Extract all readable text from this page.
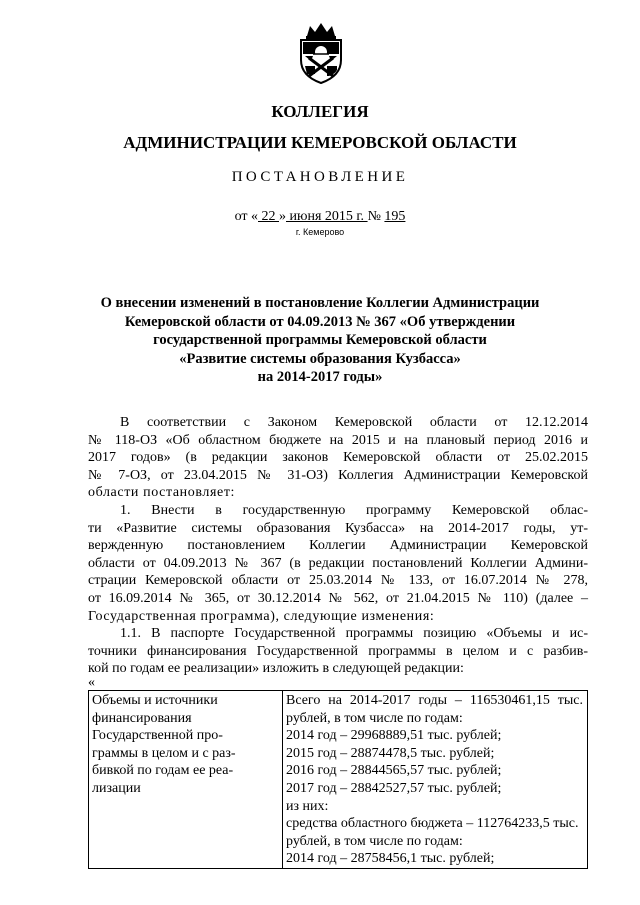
КОЛЛЕГИЯ
АДМИНИСТРАЦИИ КЕМЕРОВСКОЙ ОБЛАСТИ
ПОСТАНОВЛЕНИЕ
от « 22 » июня 2015 г. № 195
г. Кемерово
О внесении изменений в постановление Коллегии Администрации
Кемеровской области от 04.09.2013 № 367 «Об утверждении
государственной программы Кемеровской области
«Развитие системы образования Кузбасса»
на 2014-2017 годы»
В соответствии с Законом Кемеровской области от 12.12.2014
№ 118-ОЗ «Об областном бюджете на 2015 и на плановый период 2016 и
2017 годов» (в редакции законов Кемеровской области от 25.02.2015
№ 7-ОЗ, от 23.04.2015 № 31-ОЗ) Коллегия Администрации Кемеровской
области постановляет:
1. Внести в государственную программу Кемеровской облас-
ти «Развитие системы образования Кузбасса» на 2014-2017 годы, ут-
вержденную постановлением Коллегии Администрации Кемеровской
области от 04.09.2013 № 367 (в редакции постановлений Коллегии Админи-
страции Кемеровской области от 25.03.2014 № 133, от 16.07.2014 № 278,
от 16.09.2014 № 365, от 30.12.2014 № 562, от 21.04.2015 № 110) (далее –
Государственная программа), следующие изменения:
1.1. В паспорте Государственной программы позицию «Объемы и ис-
точники финансирования Государственной программы в целом и с разбив-
кой по годам ее реализации» изложить в следующей редакции:
«
Объемы и источники
финансирования
Государственной про-
граммы в целом и с раз-
бивкой по годам ее реа-
лизации

Всего на 2014-2017 годы – 116530461,15 тыс.
рублей, в том числе по годам:
2014 год – 29968889,51 тыс. рублей;
2015 год – 28874478,5 тыс. рублей;
2016 год – 28844565,57 тыс. рублей;
2017 год – 28842527,57 тыс. рублей;
из них:
средства областного бюджета – 112764233,5 тыс.
рублей, в том числе по годам:
2014 год – 28758456,1 тыс. рублей;
